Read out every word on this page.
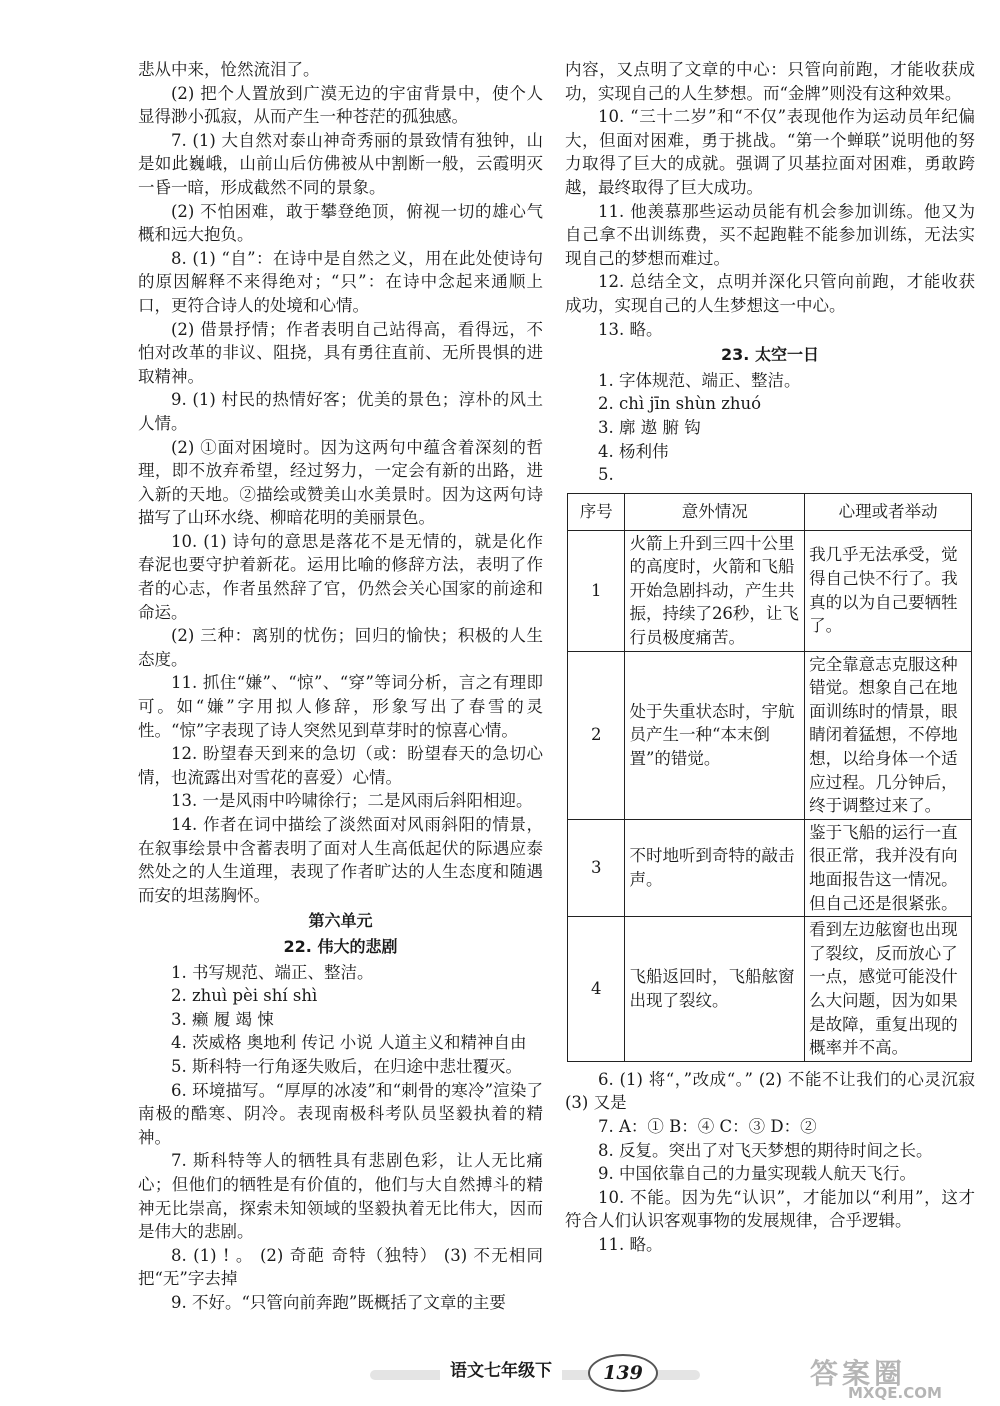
悲从中来，怆然流泪了。

(2) 把个人置放到广漠无边的宇宙背景中，使个人显得渺小孤寂，从而产生一种苍茫的孤独感。

7. (1) 大自然对泰山神奇秀丽的景致情有独钟，山是如此巍峨，山前山后仿佛被从中割断一般，云霞明灭一昏一暗，形成截然不同的景象。

(2) 不怕困难，敢于攀登绝顶，俯视一切的雄心气概和远大抱负。

8. (1) “自”：在诗中是自然之义，用在此处使诗句的原因解释不来得绝对；“只”：在诗中念起来通顺上口，更符合诗人的处境和心情。

(2) 借景抒情；作者表明自己站得高，看得远，不怕对改革的非议、阻挠，具有勇往直前、无所畏惧的进取精神。

9. (1) 村民的热情好客；优美的景色；淳朴的风土人情。

(2) ①面对困境时。因为这两句中蕴含着深刻的哲理，即不放弃希望，经过努力，一定会有新的出路，进入新的天地。②描绘或赞美山水美景时。因为这两句诗描写了山环水绕、柳暗花明的美丽景色。

10. (1) 诗句的意思是落花不是无情的，就是化作春泥也要守护着新花。运用比喻的修辞方法，表明了作者的心志，作者虽然辞了官，仍然会关心国家的前途和命运。

(2) 三种：离别的忧伤；回归的愉快；积极的人生态度。

11. 抓住“嫌”、“惊”、“穿”等词分析，言之有理即可。如“嫌”字用拟人修辞，形象写出了春雪的灵性。“惊”字表现了诗人突然见到草芽时的惊喜心情。

12. 盼望春天到来的急切（或：盼望春天的急切心情，也流露出对雪花的喜爱）心情。

13. 一是风雨中吟啸徐行；二是风雨后斜阳相迎。

14. 作者在词中描绘了淡然面对风雨斜阳的情景，在叙事绘景中含蓄表明了面对人生高低起伏的际遇应泰然处之的人生道理，表现了作者旷达的人生态度和随遇而安的坦荡胸怀。

第六单元
22. 伟大的悲剧

1. 书写规范、端正、整洁。

2. zhuì pèi shí shì

3. 癞 履 竭 悚

4. 茨威格 奥地利 传记 小说 人道主义和精神自由

5. 斯科特一行角逐失败后，在归途中悲壮覆灭。

6. 环境描写。“厚厚的冰凌”和“刺骨的寒冷”渲染了南极的酷寒、阴冷。表现南极科考队员坚毅执着的精神。

7. 斯科特等人的牺牲具有悲剧色彩，让人无比痛心；但他们的牺牲是有价值的，他们与大自然搏斗的精神无比崇高，探索未知领域的坚毅执着无比伟大，因而是伟大的悲剧。

8. (1) ! 。 (2) 奇葩 奇特（独特） (3) 不无相同 把“无”字去掉

9. 不好。“只管向前奔跑”既概括了文章的主要

内容，又点明了文章的中心：只管向前跑，才能收获成功，实现自己的人生梦想。而“金牌”则没有这种效果。

10. “三十二岁”和“不仅”表现他作为运动员年纪偏大，但面对困难，勇于挑战。“第一个蝉联”说明他的努力取得了巨大的成就。强调了贝基拉面对困难，勇敢跨越，最终取得了巨大成功。

11. 他羡慕那些运动员能有机会参加训练。他又为自己拿不出训练费，买不起跑鞋不能参加训练，无法实现自己的梦想而难过。

12. 总结全文，点明并深化只管向前跑，才能收获成功，实现自己的人生梦想这一中心。

13. 略。

23. 太空一日

1. 字体规范、端正、整洁。

2. chì jīn shùn zhuó

3. 廓 遨 腑 钩

4. 杨利伟

5.

序号	意外情况	心理或者举动
1	火箭上升到三四十公里的高度时，火箭和飞船开始急剧抖动，产生共振，持续了26秒，让飞行员极度痛苦。	我几乎无法承受，觉得自己快不行了。我真的以为自己要牺牲了。
2	处于失重状态时，宇航员产生一种“本末倒置”的错觉。	完全靠意志克服这种错觉。想象自己在地面训练时的情景，眼睛闭着猛想，不停地想，以给身体一个适应过程。几分钟后，终于调整过来了。
3	不时地听到奇特的敲击声。	鉴于飞船的运行一直很正常，我并没有向地面报告这一情况。但自己还是很紧张。
4	飞船返回时，飞船舷窗出现了裂纹。	看到左边舷窗也出现了裂纹，反而放心了一点，感觉可能没什么大问题，因为如果是故障，重复出现的概率并不高。

6. (1) 将“，”改成“。” (2) 不能不让我们的心灵沉寂 (3) 又是

7. A：① B：④ C：③ D：②

8. 反复。突出了对飞天梦想的期待时间之长。

9. 中国依靠自己的力量实现载人航天飞行。

10. 不能。因为先“认识”，才能加以“利用”，这才符合人们认识客观事物的发展规律，合乎逻辑。

11. 略。

语文七年级下	139	答案圈
MXQE.COM
